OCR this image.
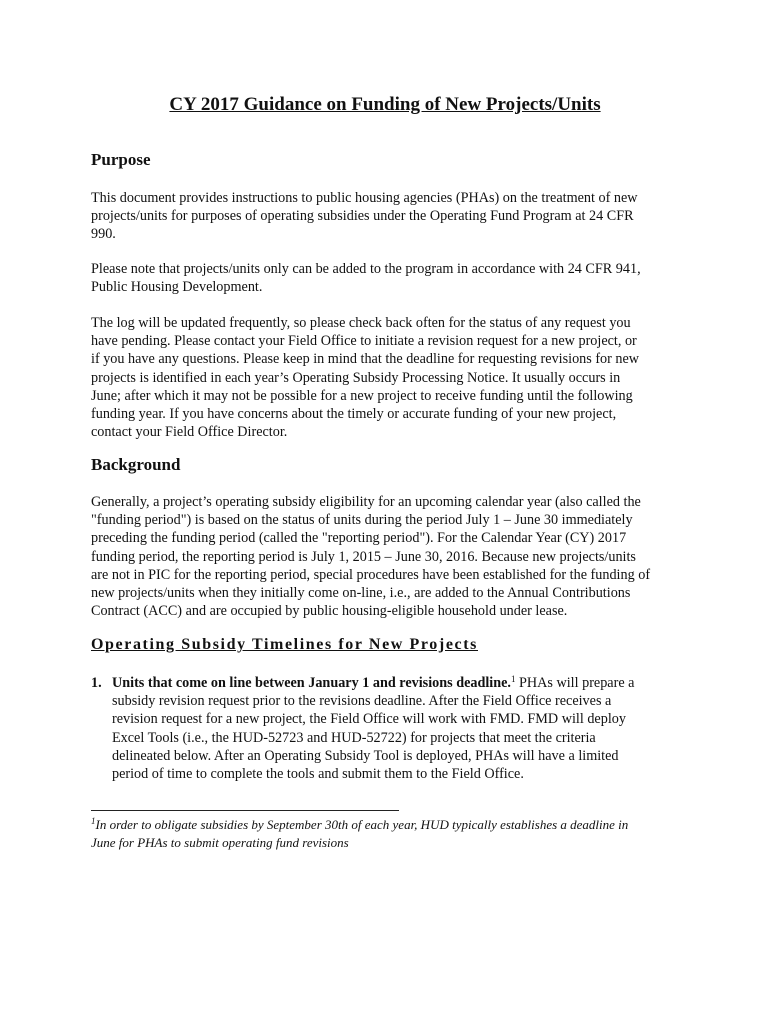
CY 2017 Guidance on Funding of New Projects/Units
Purpose

This document provides instructions to public housing agencies (PHAs) on the treatment of new
projects/units for purposes of operating subsidies under the Operating Fund Program at 24 CFR
990.

Please note that projects/units only can be added to the program in accordance with 24 CFR 941,
Public Housing Development.

The log will be updated frequently, so please check back often for the status of any request you
have pending. Please contact your Field Office to initiate a revision request for a new project, or
if you have any questions. Please keep in mind that the deadline for requesting revisions for new
projects is identified in each year’s Operating Subsidy Processing Notice. It usually occurs in
June; after which it may not be possible for a new project to receive funding until the following
funding year. If you have concerns about the timely or accurate funding of your new project,
contact your Field Office Director.

Background

Generally, a project’s operating subsidy eligibility for an upcoming calendar year (also called the
"funding period") is based on the status of units during the period July 1 – June 30 immediately
preceding the funding period (called the "reporting period"). For the Calendar Year (CY) 2017
funding period, the reporting period is July 1, 2015 – June 30, 2016. Because new projects/units
are not in PIC for the reporting period, special procedures have been established for the funding of
new projects/units when they initially come on-line, i.e., are added to the Annual Contributions
Contract (ACC) and are occupied by public housing-eligible household under lease.

Operating Subsidy Timelines for New Projects
1. Units that come on line between January 1 and revisions deadline.$^1$ PHAs will prepare a
subsidy revision request prior to the revisions deadline. After the Field Office receives a
revision request for a new project, the Field Office will work with FMD. FMD will deploy
Excel Tools (i.e., the HUD-52723 and HUD-52722) for projects that meet the criteria
delineated below. After an Operating Subsidy Tool is deployed, PHAs will have a limited
period of time to complete the tools and submit them to the Field Office.

$^1$In order to obligate subsidies by September 30th of each year, HUD typically establishes a deadline in
June for PHAs to submit operating fund revisions
